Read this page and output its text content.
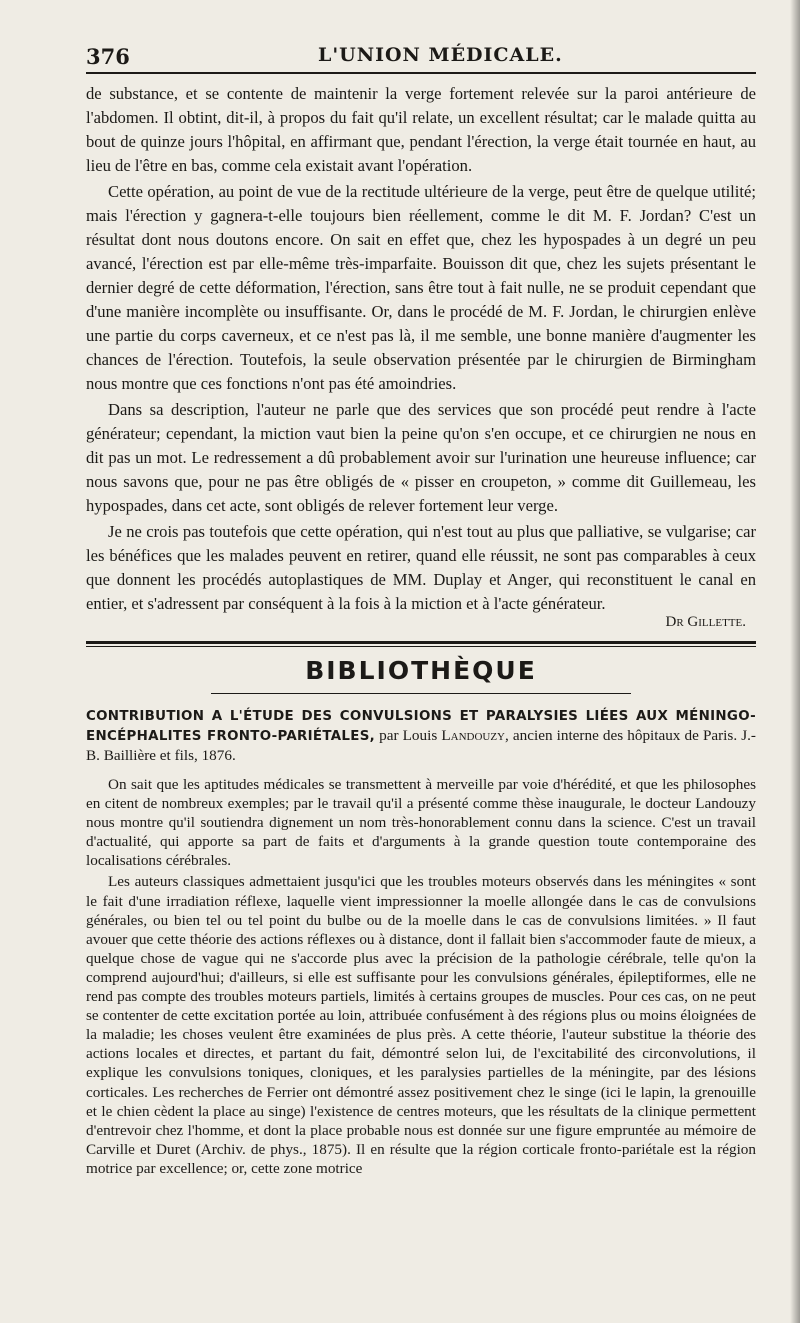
376	L'UNION MÉDICALE.

de substance, et se contente de maintenir la verge fortement relevée sur la paroi antérieure de l'abdomen. Il obtint, dit-il, à propos du fait qu'il relate, un excellent résultat; car le malade quitta au bout de quinze jours l'hôpital, en affirmant que, pendant l'érection, la verge était tournée en haut, au lieu de l'être en bas, comme cela existait avant l'opération.

Cette opération, au point de vue de la rectitude ultérieure de la verge, peut être de quelque utilité; mais l'érection y gagnera-t-elle toujours bien réellement, comme le dit M. F. Jordan? C'est un résultat dont nous doutons encore. On sait en effet que, chez les hypospades à un degré un peu avancé, l'érection est par elle-même très-imparfaite. Bouisson dit que, chez les sujets présentant le dernier degré de cette déformation, l'érection, sans être tout à fait nulle, ne se produit cependant que d'une manière incomplète ou insuffisante. Or, dans le procédé de M. F. Jordan, le chirurgien enlève une partie du corps caverneux, et ce n'est pas là, il me semble, une bonne manière d'augmenter les chances de l'érection. Toutefois, la seule observation présentée par le chirurgien de Birmingham nous montre que ces fonctions n'ont pas été amoindries.

Dans sa description, l'auteur ne parle que des services que son procédé peut rendre à l'acte générateur; cependant, la miction vaut bien la peine qu'on s'en occupe, et ce chirurgien ne nous en dit pas un mot. Le redressement a dû probablement avoir sur l'urination une heureuse influence; car nous savons que, pour ne pas être obligés de « pisser en croupeton, » comme dit Guillemeau, les hypospades, dans cet acte, sont obligés de relever fortement leur verge.

Je ne crois pas toutefois que cette opération, qui n'est tout au plus que palliative, se vulgarise; car les bénéfices que les malades peuvent en retirer, quand elle réussit, ne sont pas comparables à ceux que donnent les procédés autoplastiques de MM. Duplay et Anger, qui reconstituent le canal en entier, et s'adressent par conséquent à la fois à la miction et à l'acte générateur.

Dr Gillette.
BIBLIOTHÈQUE
CONTRIBUTION A L'ÉTUDE DES CONVULSIONS ET PARALYSIES LIÉES AUX MÉNINGO-ENCÉPHALITES FRONTO-PARIÉTALES, par Louis Landouzy, ancien interne des hôpitaux de Paris. J.-B. Baillière et fils, 1876.

On sait que les aptitudes médicales se transmettent à merveille par voie d'hérédité, et que les philosophes en citent de nombreux exemples; par le travail qu'il a présenté comme thèse inaugurale, le docteur Landouzy nous montre qu'il soutiendra dignement un nom très-honorablement connu dans la science. C'est un travail d'actualité, qui apporte sa part de faits et d'arguments à la grande question toute contemporaine des localisations cérébrales.

Les auteurs classiques admettaient jusqu'ici que les troubles moteurs observés dans les méningites « sont le fait d'une irradiation réflexe, laquelle vient impressionner la moelle allongée dans le cas de convulsions générales, ou bien tel ou tel point du bulbe ou de la moelle dans le cas de convulsions limitées. » Il faut avouer que cette théorie des actions réflexes ou à distance, dont il fallait bien s'accommoder faute de mieux, a quelque chose de vague qui ne s'accorde plus avec la précision de la pathologie cérébrale, telle qu'on la comprend aujourd'hui; d'ailleurs, si elle est suffisante pour les convulsions générales, épileptiformes, elle ne rend pas compte des troubles moteurs partiels, limités à certains groupes de muscles. Pour ces cas, on ne peut se contenter de cette excitation portée au loin, attribuée confusément à des régions plus ou moins éloignées de la maladie; les choses veulent être examinées de plus près. A cette théorie, l'auteur substitue la théorie des actions locales et directes, et partant du fait, démontré selon lui, de l'excitabilité des circonvolutions, il explique les convulsions toniques, cloniques, et les paralysies partielles de la méningite, par des lésions corticales. Les recherches de Ferrier ont démontré assez positivement chez le singe (ici le lapin, la grenouille et le chien cèdent la place au singe) l'existence de centres moteurs, que les résultats de la clinique permettent d'entrevoir chez l'homme, et dont la place probable nous est donnée sur une figure empruntée au mémoire de Carville et Duret (Archiv. de phys., 1875). Il en résulte que la région corticale fronto-pariétale est la région motrice par excellence; or, cette zone motrice
